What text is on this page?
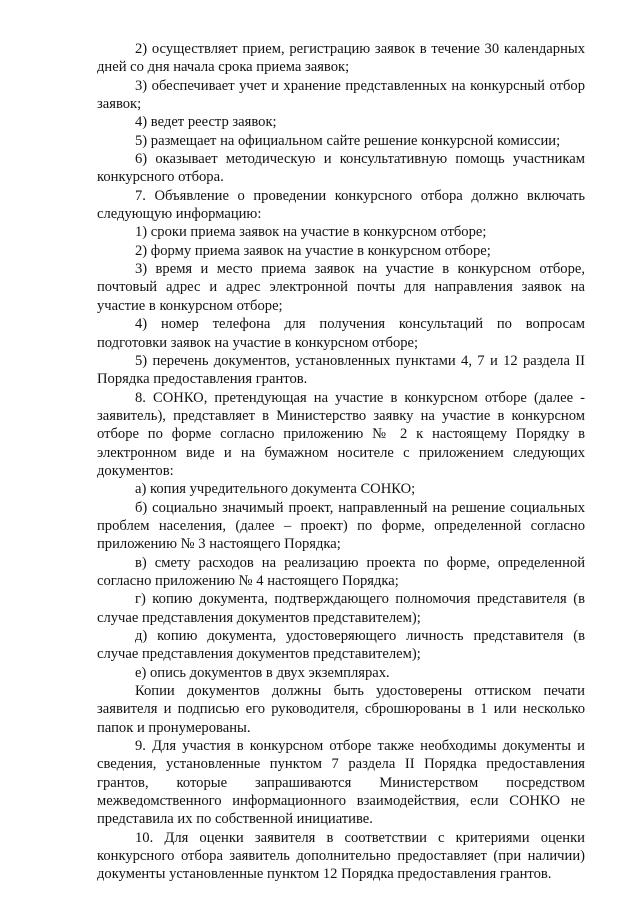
2) осуществляет прием, регистрацию заявок в течение 30 календарных дней со дня начала срока приема заявок;

3) обеспечивает учет и хранение представленных на конкурсный отбор заявок;

4) ведет реестр заявок;

5) размещает на официальном сайте решение конкурсной комиссии;

6) оказывает методическую и консультативную помощь участникам конкурсного отбора.

7. Объявление о проведении конкурсного отбора должно включать следующую информацию:

1) сроки приема заявок на участие в конкурсном отборе;

2) форму приема заявок на участие в конкурсном отборе;

3) время и место приема заявок на участие в конкурсном отборе, почтовый адрес и адрес электронной почты для направления заявок на участие в конкурсном отборе;

4) номер телефона для получения консультаций по вопросам подготовки заявок на участие в конкурсном отборе;

5) перечень документов, установленных пунктами 4, 7 и 12 раздела II Порядка предоставления грантов.

8. СОНКО, претендующая на участие в конкурсном отборе (далее - заявитель), представляет в Министерство заявку на участие в конкурсном отборе по форме согласно приложению № 2 к настоящему Порядку в электронном виде и на бумажном носителе с приложением следующих документов:

а) копия учредительного документа СОНКО;

б) социально значимый проект, направленный на решение социальных проблем населения, (далее – проект) по форме, определенной согласно приложению № 3 настоящего Порядка;

в) смету расходов на реализацию проекта по форме, определенной согласно приложению № 4 настоящего Порядка;

г) копию документа, подтверждающего полномочия представителя (в случае представления документов представителем);

д) копию документа, удостоверяющего личность представителя (в случае представления документов представителем);

е) опись документов в двух экземплярах.

Копии документов должны быть удостоверены оттиском печати заявителя и подписью его руководителя, сброшюрованы в 1 или несколько папок и пронумерованы.

9. Для участия в конкурсном отборе также необходимы документы и сведения, установленные пунктом 7 раздела II Порядка предоставления грантов, которые запрашиваются Министерством посредством межведомственного информационного взаимодействия, если СОНКО не представила их по собственной инициативе.

10. Для оценки заявителя в соответствии с критериями оценки конкурсного отбора заявитель дополнительно предоставляет (при наличии) документы установленные пунктом 12 Порядка предоставления грантов.
